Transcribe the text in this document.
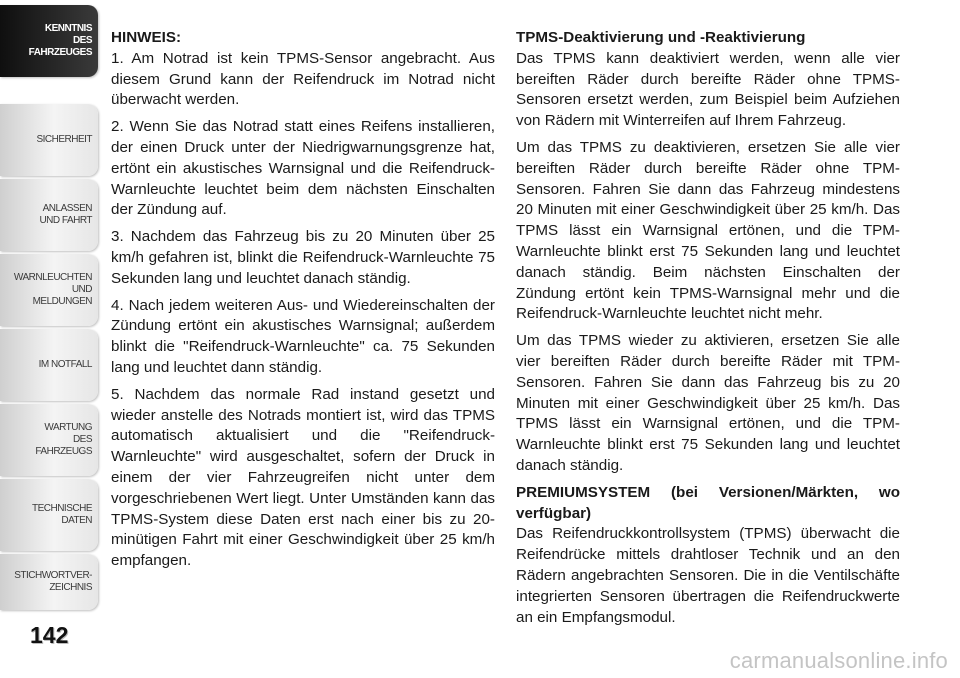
KENNTNIS
DES
FAHRZEUGES
SICHERHEIT
ANLASSEN
UND FAHRT
WARNLEUCHTEN
UND
MELDUNGEN
IM NOTFALL
WARTUNG
DES
FAHRZEUGS
TECHNISCHE
DATEN
STICHWORTVER-
ZEICHNIS
142

HINWEIS:
1. Am Notrad ist kein TPMS-Sensor angebracht. Aus diesem Grund kann der Reifendruck im Notrad nicht überwacht werden.

2. Wenn Sie das Notrad statt eines Reifens installieren, der einen Druck unter der Niedrigwarnungsgrenze hat, ertönt ein akustisches Warnsignal und die Reifendruck-Warnleuchte leuchtet beim dem nächsten Einschalten der Zündung auf.

3. Nachdem das Fahrzeug bis zu 20 Minuten über 25 km/h gefahren ist, blinkt die Reifendruck-Warnleuchte 75 Sekunden lang und leuchtet danach ständig.

4. Nach jedem weiteren Aus- und Wiedereinschalten der Zündung ertönt ein akustisches Warnsignal; außerdem blinkt die "Reifendruck-Warnleuchte" ca. 75 Sekunden lang und leuchtet dann ständig.

5. Nachdem das normale Rad instand gesetzt und wieder anstelle des Notrads montiert ist, wird das TPMS automatisch aktualisiert und die "Reifendruck-Warnleuchte" wird ausgeschaltet, sofern der Druck in einem der vier Fahrzeugreifen nicht unter dem vorgeschriebenen Wert liegt. Unter Umständen kann das TPMS-System diese Daten erst nach einer bis zu 20-minütigen Fahrt mit einer Geschwindigkeit über 25 km/h empfangen.

TPMS-Deaktivierung und -Reaktivierung
Das TPMS kann deaktiviert werden, wenn alle vier bereiften Räder durch bereifte Räder ohne TPMS-Sensoren ersetzt werden, zum Beispiel beim Aufziehen von Rädern mit Winterreifen auf Ihrem Fahrzeug.

Um das TPMS zu deaktivieren, ersetzen Sie alle vier bereiften Räder durch bereifte Räder ohne TPM-Sensoren. Fahren Sie dann das Fahrzeug mindestens 20 Minuten mit einer Geschwindigkeit über 25 km/h. Das TPMS lässt ein Warnsignal ertönen, und die TPM-Warnleuchte blinkt erst 75 Sekunden lang und leuchtet danach ständig. Beim nächsten Einschalten der Zündung ertönt kein TPMS-Warnsignal mehr und die Reifendruck-Warnleuchte leuchtet nicht mehr.

Um das TPMS wieder zu aktivieren, ersetzen Sie alle vier bereiften Räder durch bereifte Räder mit TPM-Sensoren. Fahren Sie dann das Fahrzeug bis zu 20 Minuten mit einer Geschwindigkeit über 25 km/h. Das TPMS lässt ein Warnsignal ertönen, und die TPM-Warnleuchte blinkt erst 75 Sekunden lang und leuchtet danach ständig.

PREMIUMSYSTEM (bei Versionen/Märkten, wo verfügbar)
Das Reifendruckkontrollsystem (TPMS) überwacht die Reifendrücke mittels drahtloser Technik und an den Rädern angebrachten Sensoren. Die in die Ventilschäfte integrierten Sensoren übertragen die Reifendruckwerte an ein Empfangsmodul.

carmanualsonline.info
